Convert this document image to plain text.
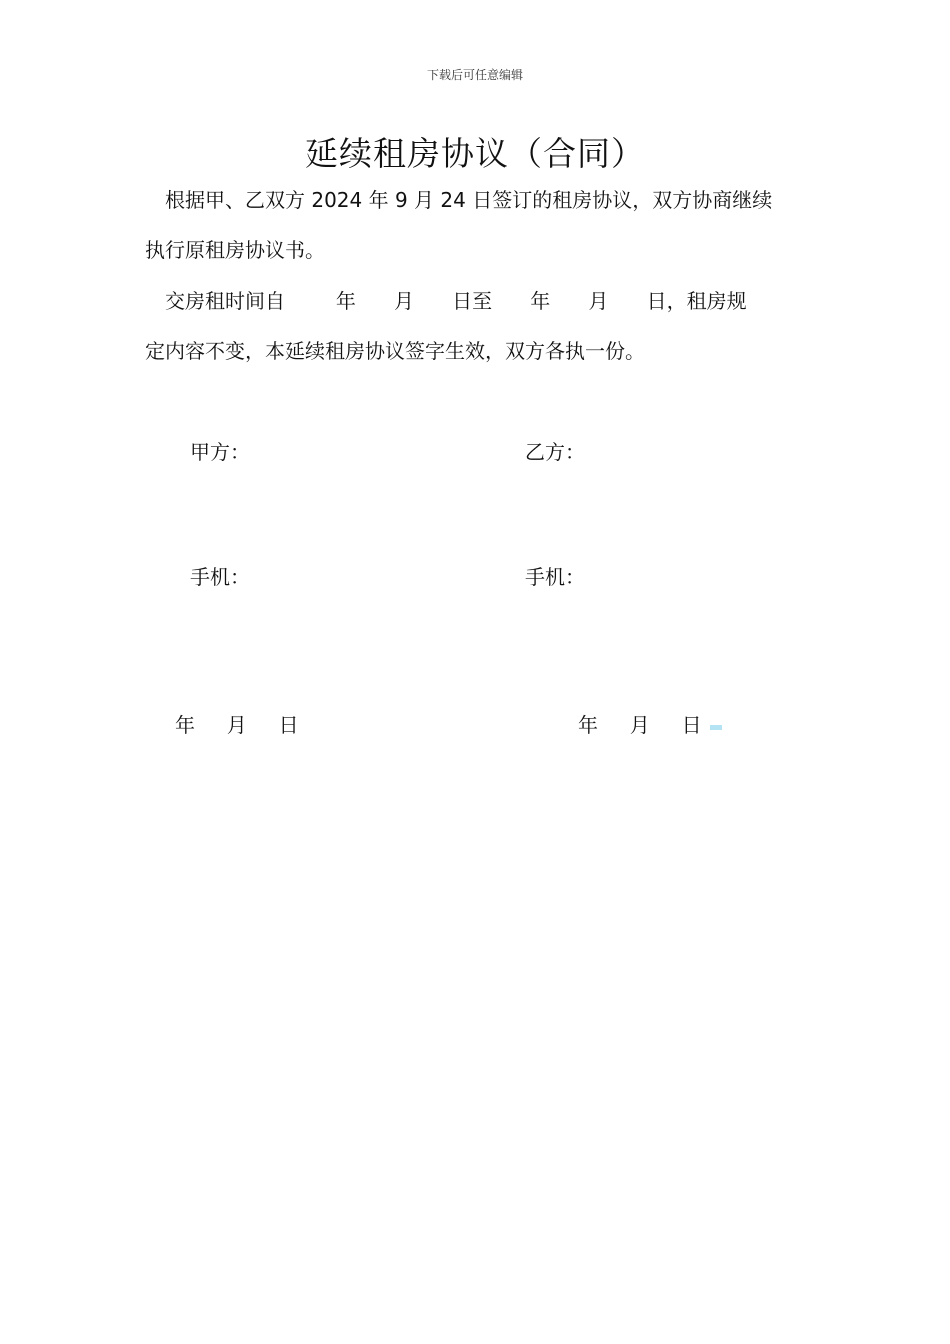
下载后可任意编辑
延续租房协议（合同）
根据甲、乙双方 2024 年 9 月 24 日签订的租房协议，双方协商继续
执行原租房协议书。
交房租时间自        年      月      日至      年      月      日，租房规
定内容不变，本延续租房协议签字生效，双方各执一份。
甲方：	乙方：
手机：	手机：
年     月     日	年     月     日
